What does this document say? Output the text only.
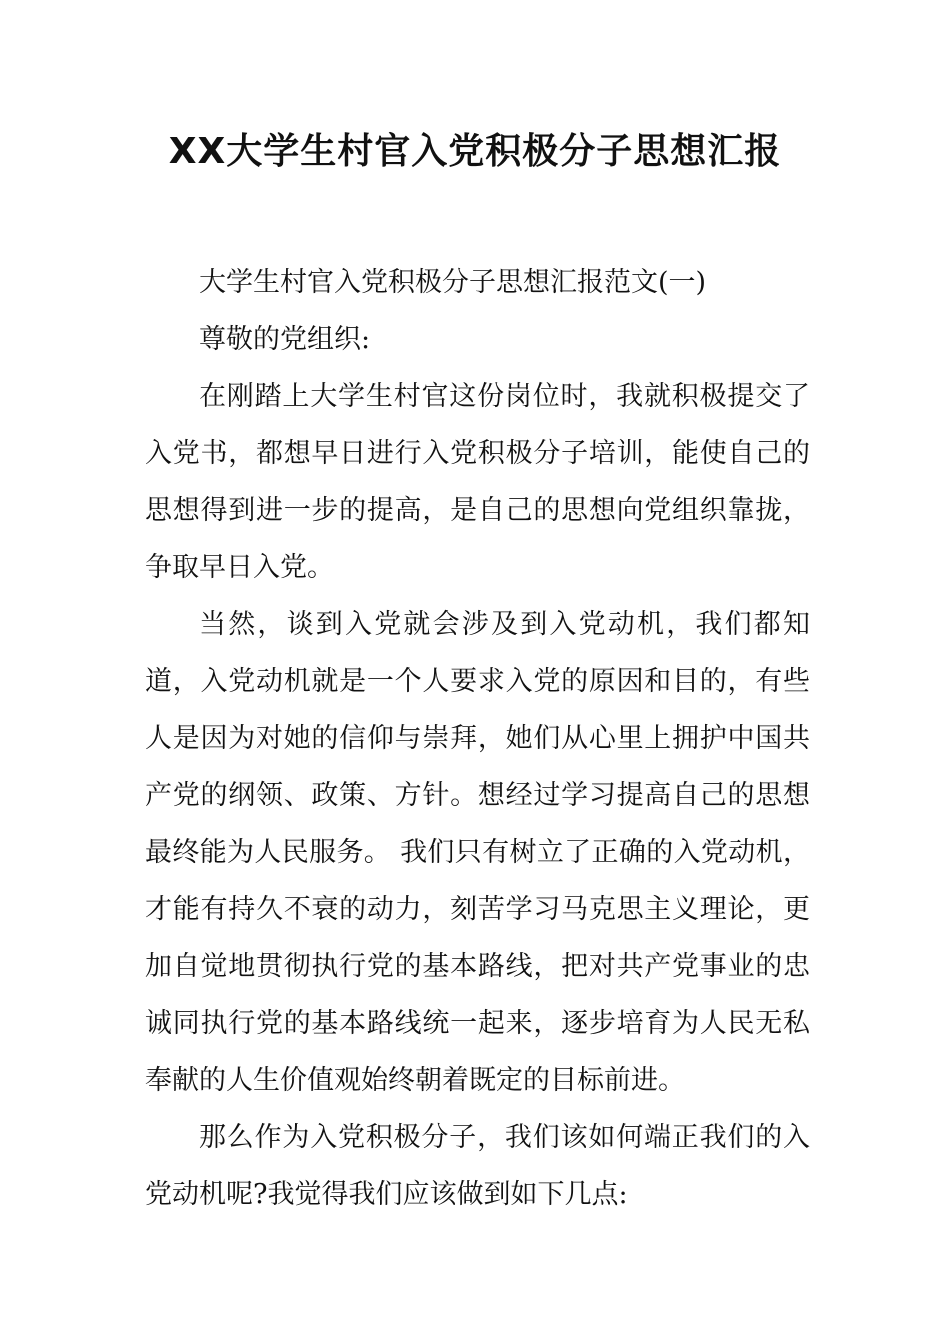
XX大学生村官入党积极分子思想汇报

大学生村官入党积极分子思想汇报范文(一)

尊敬的党组织:

在刚踏上大学生村官这份岗位时，我就积极提交了入党书，都想早日进行入党积极分子培训，能使自己的思想得到进一步的提高，是自己的思想向党组织靠拢，争取早日入党。

当然，谈到入党就会涉及到入党动机，我们都知道，入党动机就是一个人要求入党的原因和目的，有些人是因为对她的信仰与崇拜，她们从心里上拥护中国共产党的纲领、政策、方针。想经过学习提高自己的思想最终能为人民服务。 我们只有树立了正确的入党动机，才能有持久不衰的动力，刻苦学习马克思主义理论，更加自觉地贯彻执行党的基本路线，把对共产党事业的忠诚同执行党的基本路线统一起来，逐步培育为人民无私奉献的人生价值观始终朝着既定的目标前进。

那么作为入党积极分子，我们该如何端正我们的入党动机呢?我觉得我们应该做到如下几点:
